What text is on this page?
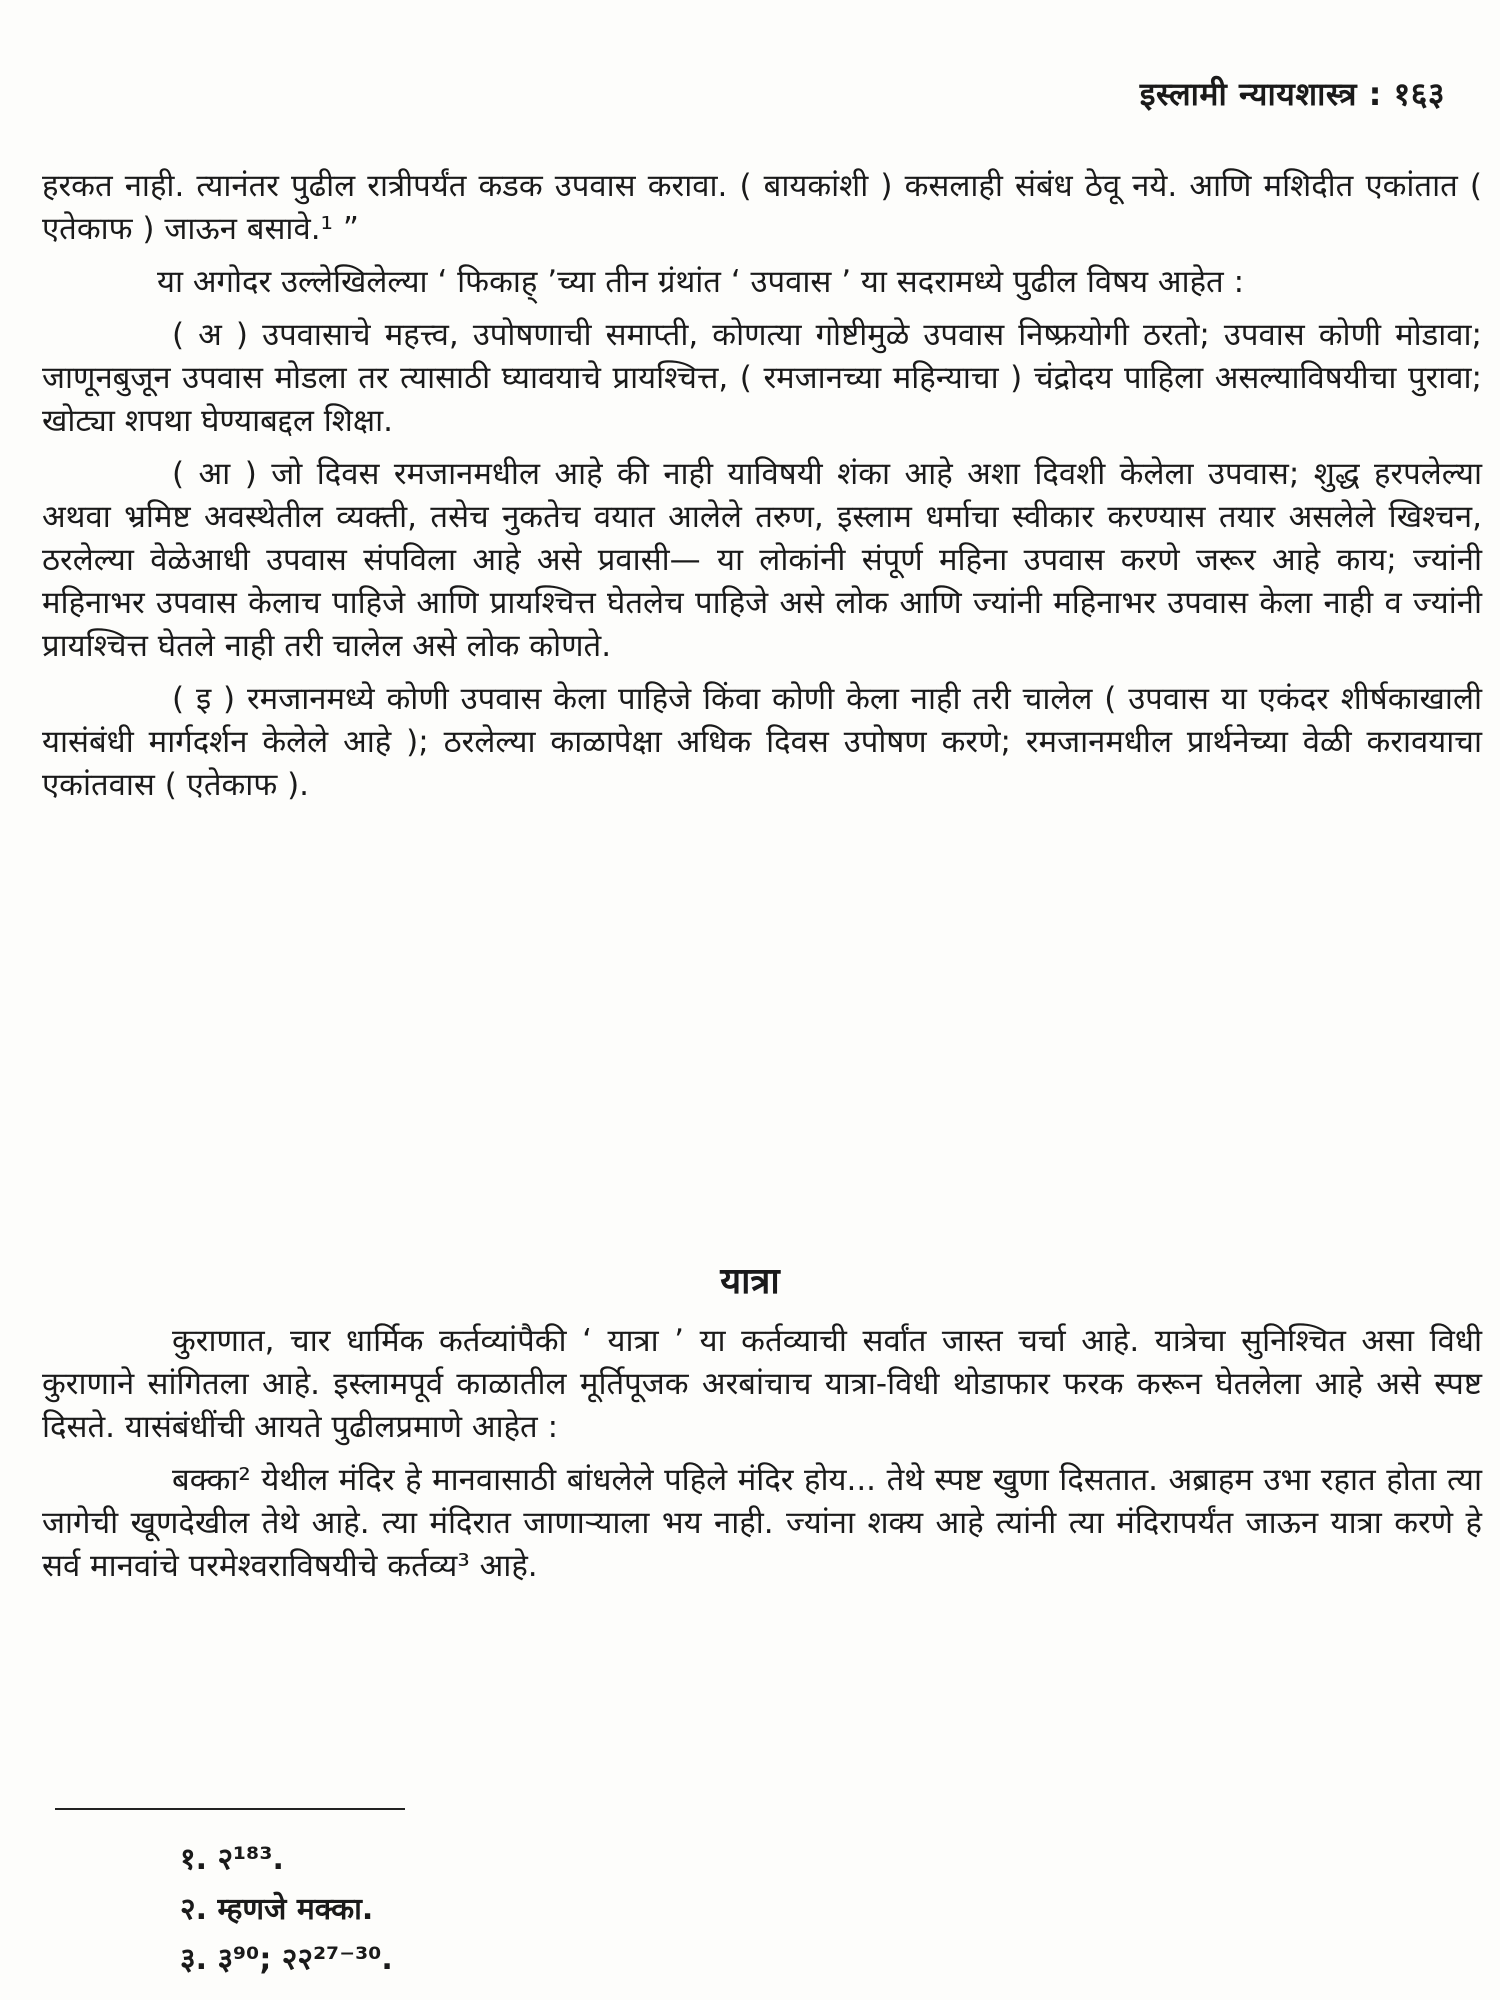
इस्लामी न्यायशास्त्र : १६३

हरकत नाही. त्यानंतर पुढील रात्रीपर्यंत कडक उपवास करावा. ( बायकांशी ) कसलाही संबंध ठेवू नये. आणि मशिदीत एकांतात ( एतेकाफ ) जाऊन बसावे.¹ ”

या अगोदर उल्लेखिलेल्या ‘ फिकाह् ’च्या तीन ग्रंथांत ‘ उपवास ’ या सदरामध्ये पुढील विषय आहेत :

( अ ) उपवासाचे महत्त्व, उपोषणाची समाप्ती, कोणत्या गोष्टीमुळे उपवास निष्फ्रयोगी ठरतो; उपवास कोणी मोडावा; जाणूनबुजून उपवास मोडला तर त्यासाठी घ्यावयाचे प्रायश्चित्त, ( रमजानच्या महिन्याचा ) चंद्रोदय पाहिला असल्याविषयीचा पुरावा; खोट्या शपथा घेण्याबद्दल शिक्षा.

( आ ) जो दिवस रमजानमधील आहे की नाही याविषयी शंका आहे अशा दिवशी केलेला उपवास; शुद्ध हरपलेल्या अथवा भ्रमिष्ट अवस्थेतील व्यक्ती, तसेच नुकतेच वयात आलेले तरुण, इस्लाम धर्माचा स्वीकार करण्यास तयार असलेले खिश्चन, ठरलेल्या वेळेआधी उपवास संपविला आहे असे प्रवासी— या लोकांनी संपूर्ण महिना उपवास करणे जरूर आहे काय; ज्यांनी महिनाभर उपवास केलाच पाहिजे आणि प्रायश्चित्त घेतलेच पाहिजे असे लोक आणि ज्यांनी महिनाभर उपवास केला नाही व ज्यांनी प्रायश्चित्त घेतले नाही तरी चालेल असे लोक कोणते.

( इ ) रमजानमध्ये कोणी उपवास केला पाहिजे किंवा कोणी केला नाही तरी चालेल ( उपवास या एकंदर शीर्षकाखाली यासंबंधी मार्गदर्शन केलेले आहे ); ठरलेल्या काळापेक्षा अधिक दिवस उपोषण करणे; रमजानमधील प्रार्थनेच्या वेळी करावयाचा एकांतवास ( एतेकाफ ).

यात्रा

कुराणात, चार धार्मिक कर्तव्यांपैकी ‘ यात्रा ’ या कर्तव्याची सर्वांत जास्त चर्चा आहे. यात्रेचा सुनिश्चित असा विधी कुराणाने सांगितला आहे. इस्लामपूर्व काळातील मूर्तिपूजक अरबांचाच यात्रा-विधी थोडाफार फरक करून घेतलेला आहे असे स्पष्ट दिसते. यासंबंधींची आयते पुढीलप्रमाणे आहेत :

बक्का² येथील मंदिर हे मानवासाठी बांधलेले पहिले मंदिर होय... तेथे स्पष्ट खुणा दिसतात. अब्राहम उभा रहात होता त्या जागेची खूणदेखील तेथे आहे. त्या मंदिरात जाणाऱ्याला भय नाही. ज्यांना शक्य आहे त्यांनी त्या मंदिरापर्यंत जाऊन यात्रा करणे हे सर्व मानवांचे परमेश्वराविषयीचे कर्तव्य³ आहे.

१. २¹⁸³.
२. म्हणजे मक्का.
३. ३⁹⁰; २२²⁷⁻³⁰.
